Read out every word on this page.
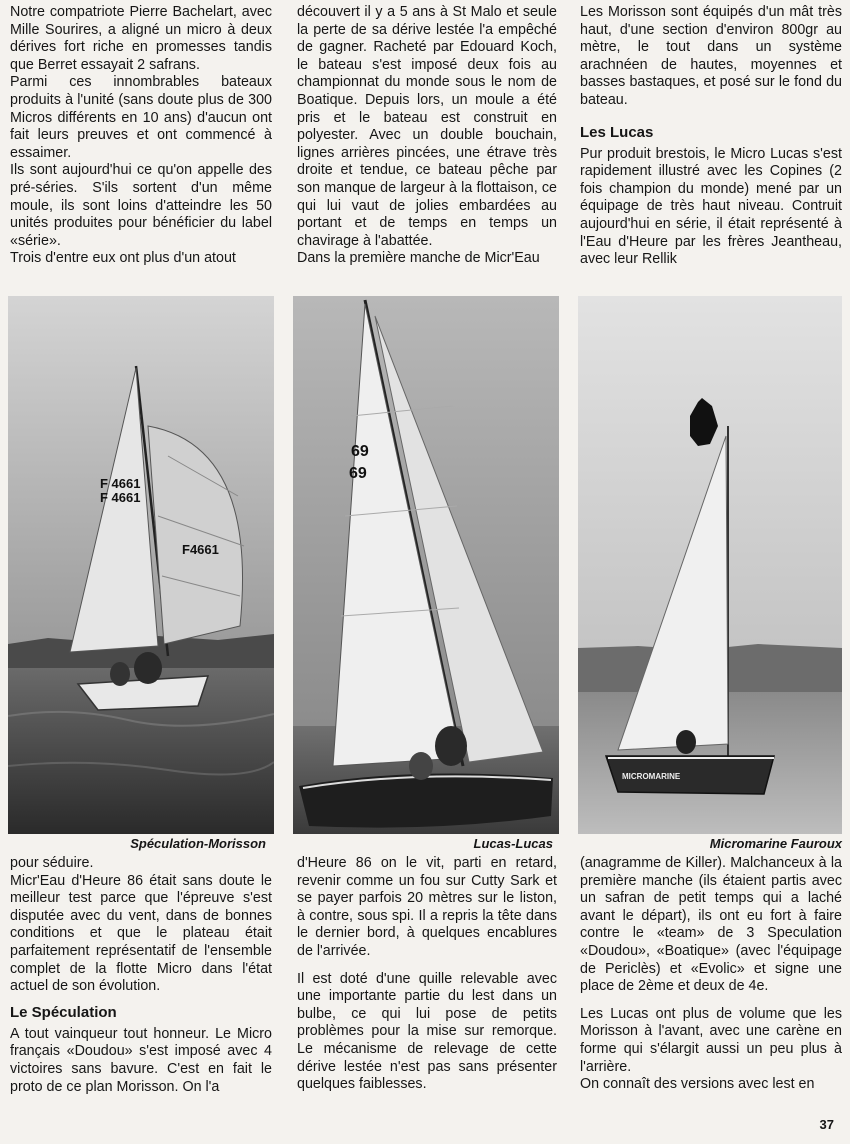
Notre compatriote Pierre Bachelart, avec Mille Sourires, a aligné un micro à deux dérives fort riche en promesses tandis que Berret essayait 2 safrans.

Parmi ces innombrables bateaux produits à l'unité (sans doute plus de 300 Micros différents en 10 ans) d'aucun ont fait leurs preuves et ont commencé à essaimer.

Ils sont aujourd'hui ce qu'on appelle des pré-séries. S'ils sortent d'un même moule, ils sont loins d'atteindre les 50 unités produites pour bénéficier du label «série».

Trois d'entre eux ont plus d'un atout

découvert il y a 5 ans à St Malo et seule la perte de sa dérive lestée l'a empêché de gagner. Racheté par Edouard Koch, le bateau s'est imposé deux fois au championnat du monde sous le nom de Boatique. Depuis lors, un moule a été pris et le bateau est construit en polyester. Avec un double bouchain, lignes arrières pincées, une étrave très droite et tendue, ce bateau pêche par son manque de largeur à la flottaison, ce qui lui vaut de jolies embardées au portant et de temps en temps un chavirage à l'abattée.

Dans la première manche de Micr'Eau

Les Morisson sont équipés d'un mât très haut, d'une section d'environ 800gr au mètre, le tout dans un système arachnéen de hautes, moyennes et basses bastaques, et posé sur le fond du bateau.

Les Lucas

Pur produit brestois, le Micro Lucas s'est rapidement illustré avec les Copines (2 fois champion du monde) mené par un équipage de très haut niveau. Contruit aujourd'hui en série, il était représenté à l'Eau d'Heure par les frères Jeantheau, avec leur Rellik

F 4661
F 4661
F4661
Spéculation-Morisson
69
69
Lucas-Lucas
MICROMARINE
Micromarine Fauroux

pour séduire.

Micr'Eau d'Heure 86 était sans doute le meilleur test parce que l'épreuve s'est disputée avec du vent, dans de bonnes conditions et que le plateau était parfaitement représentatif de l'ensemble complet de la flotte Micro dans l'état actuel de son évolution.

Le Spéculation

A tout vainqueur tout honneur. Le Micro français «Doudou» s'est imposé avec 4 victoires sans bavure. C'est en fait le proto de ce plan Morisson. On l'a

d'Heure 86 on le vit, parti en retard, revenir comme un fou sur Cutty Sark et se payer parfois 20 mètres sur le liston, à contre, sous spi. Il a repris la tête dans le dernier bord, à quelques encablures de l'arrivée.

Il est doté d'une quille relevable avec une importante partie du lest dans un bulbe, ce qui lui pose de petits problèmes pour la mise sur remorque. Le mécanisme de relevage de cette dérive lestée n'est pas sans présenter quelques faiblesses.

(anagramme de Killer). Malchanceux à la première manche (ils étaient partis avec un safran de petit temps qui a laché avant le départ), ils ont eu fort à faire contre le «team» de 3 Speculation «Doudou», «Boatique» (avec l'équipage de Periclès) et «Evolic» et signe une place de 2ème et deux de 4e.

Les Lucas ont plus de volume que les Morisson à l'avant, avec une carène en forme qui s'élargit aussi un peu plus à l'arrière.

On connaît des versions avec lest en

37
